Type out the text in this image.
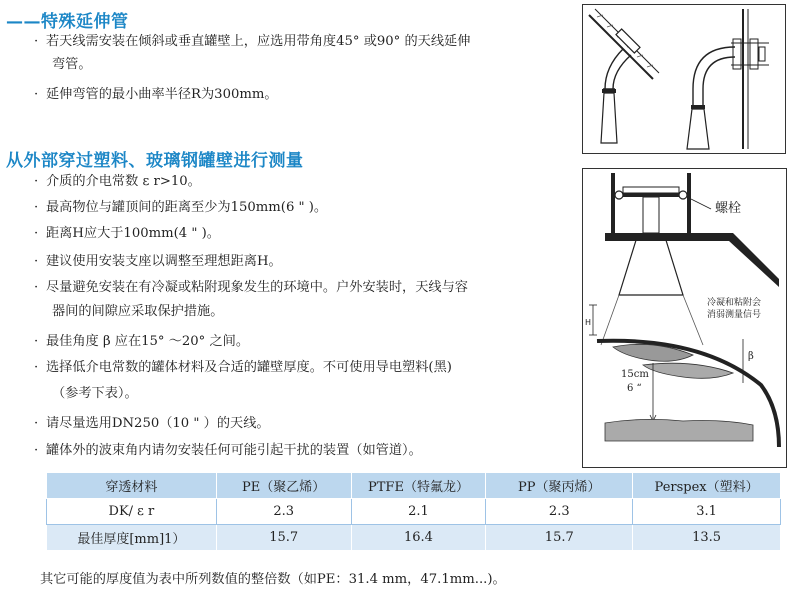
——特殊延伸管
· 若天线需安装在倾斜或垂直罐壁上，应选用带角度45° 或90° 的天线延伸
弯管。
· 延伸弯管的最小曲率半径R为300mm。
从外部穿过塑料、玻璃钢罐壁进行测量
· 介质的介电常数 ε r>10。
· 最高物位与罐顶间的距离至少为150mm(6 " )。
· 距离H应大于100mm(4 " )。
· 建议使用安装支座以调整至理想距离H。
· 尽量避免安装在有冷凝或粘附现象发生的环境中。户外安装时，天线与容
器间的间隙应采取保护措施。
· 最佳角度 β 应在15° ～20° 之间。
· 选择低介电常数的罐体材料及合适的罐壁厚度。不可使用导电塑料(黑)
（参考下表）。
· 请尽量选用DN250（10 " ）的天线。
· 罐体外的波束角内请勿安装任何可能引起干扰的装置（如管道）。
螺栓
冷凝和粘附会
消弱测量信号
H
β
15cm
6 “
穿透材料	PE（聚乙烯）	PTFE（特氟龙）	PP（聚丙烯）	Perspex（塑料）
DK/ ε r	2.3	2.1	2.3	3.1
最佳厚度[mm]1）	15.7	16.4	15.7	13.5
其它可能的厚度值为表中所列数值的整倍数（如PE：31.4 mm，47.1mm...)。
